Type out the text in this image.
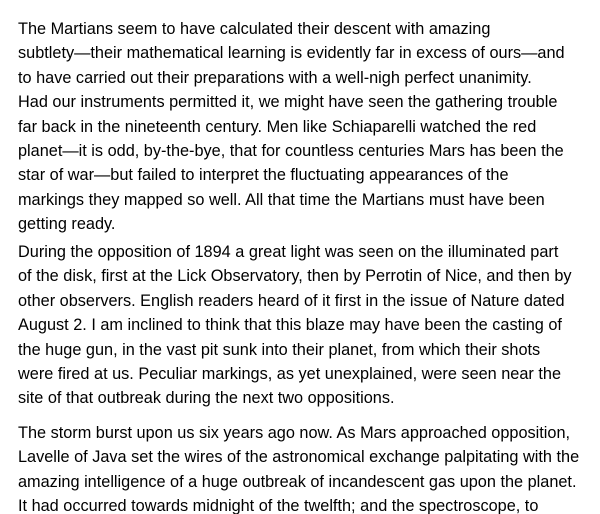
The Martians seem to have calculated their descent with amazing
subtlety—their mathematical learning is evidently far in excess of ours—and
to have carried out their preparations with a well-nigh perfect unanimity.
Had our instruments permitted it, we might have seen the gathering trouble
far back in the nineteenth century. Men like Schiaparelli watched the red
planet—it is odd, by-the-bye, that for countless centuries Mars has been the
star of war—but failed to interpret the fluctuating appearances of the
markings they mapped so well. All that time the Martians must have been
getting ready.
During the opposition of 1894 a great light was seen on the illuminated part
of the disk, first at the Lick Observatory, then by Perrotin of Nice, and then by
other observers. English readers heard of it first in the issue of Nature dated
August 2. I am inclined to think that this blaze may have been the casting of
the huge gun, in the vast pit sunk into their planet, from which their shots
were fired at us. Peculiar markings, as yet unexplained, were seen near the
site of that outbreak during the next two oppositions.
The storm burst upon us six years ago now. As Mars approached opposition,
Lavelle of Java set the wires of the astronomical exchange palpitating with the
amazing intelligence of a huge outbreak of incandescent gas upon the planet.
It had occurred towards midnight of the twelfth; and the spectroscope, to
